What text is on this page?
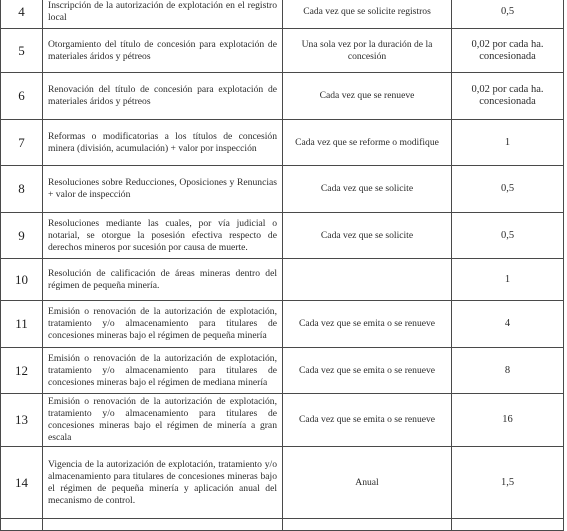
4	Inscripción de la autorización de explotación en el registro local	Cada vez que se solicite registros	0,5
5	Otorgamiento del título de concesión para explotación de materiales áridos y pétreos	Una sola vez por la duración de la concesión	0,02 por cada ha. concesionada
6	Renovación del título de concesión para explotación de materiales áridos y pétreos	Cada vez que se renueve	0,02 por cada ha. concesionada
7	Reformas o modificatorias a los títulos de concesión minera (división, acumulación) + valor por inspección	Cada vez que se reforme o modifique	1
8	Resoluciones sobre Reducciones, Oposiciones y Renuncias + valor de inspección	Cada vez que se solicite	0,5
9	Resoluciones mediante las cuales, por vía judicial o notarial, se otorgue la posesión efectiva respecto de derechos mineros por sucesión por causa de muerte.	Cada vez que se solicite	0,5
10	Resolución de calificación de áreas mineras dentro del régimen de pequeña minería.		1
11	Emisión o renovación de la autorización de explotación, tratamiento y/o almacenamiento para titulares de concesiones mineras bajo el régimen de pequeña minería	Cada vez que se emita o se renueve	4
12	Emisión o renovación de la autorización de explotación, tratamiento y/o almacenamiento para titulares de concesiones mineras bajo el régimen de mediana minería	Cada vez que se emita o se renueve	8
13	Emisión o renovación de la autorización de explotación, tratamiento y/o almacenamiento para titulares de concesiones mineras bajo el régimen de minería a gran escala	Cada vez que se emita o se renueve	16
14	Vigencia de la autorización de explotación, tratamiento y/o almacenamiento para titulares de concesiones mineras bajo el régimen de pequeña minería y aplicación anual del mecanismo de control.	Anual	1,5
